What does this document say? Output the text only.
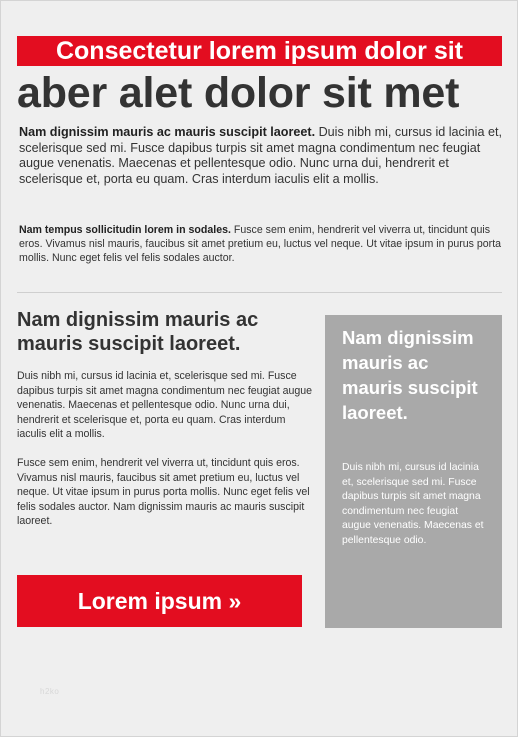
Consectetur lorem ipsum dolor sit
aber alet dolor sit met

Nam dignissim mauris ac mauris suscipit laoreet. Duis nibh mi, cursus id lacinia et, scelerisque sed mi. Fusce dapibus turpis sit amet magna condimentum nec feugiat augue venenatis. Maecenas et pellentesque odio. Nunc urna dui, hendrerit et scelerisque et, porta eu quam. Cras interdum iaculis elit a mollis.

Nam tempus sollicitudin lorem in sodales. Fusce sem enim, hendrerit vel viverra ut, tincidunt quis eros. Vivamus nisl mauris, faucibus sit amet pretium eu, luctus vel neque. Ut vitae ipsum in purus porta mollis. Nunc eget felis vel felis sodales auctor.

Nam dignissim mauris ac mauris suscipit laoreet.

Duis nibh mi, cursus id lacinia et, scelerisque sed mi. Fusce dapibus turpis sit amet magna condimentum nec feugiat augue venenatis. Maecenas et pellentesque odio. Nunc urna dui, hendrerit et scelerisque et, porta eu quam. Cras interdum iaculis elit a mollis.

Fusce sem enim, hendrerit vel viverra ut, tincidunt quis eros. Vivamus nisl mauris, faucibus sit amet pretium eu, luctus vel neque. Ut vitae ipsum in purus porta mollis. Nunc eget felis vel felis sodales auctor. Nam dignissim mauris ac mauris suscipit laoreet.

Lorem ipsum »
Nam dignissim mauris ac mauris suscipit laoreet.

Duis nibh mi, cursus id lacinia et, scelerisque sed mi. Fusce dapibus turpis sit amet magna condimentum nec feugiat augue venenatis. Maecenas et pellentesque odio.

h2ko
